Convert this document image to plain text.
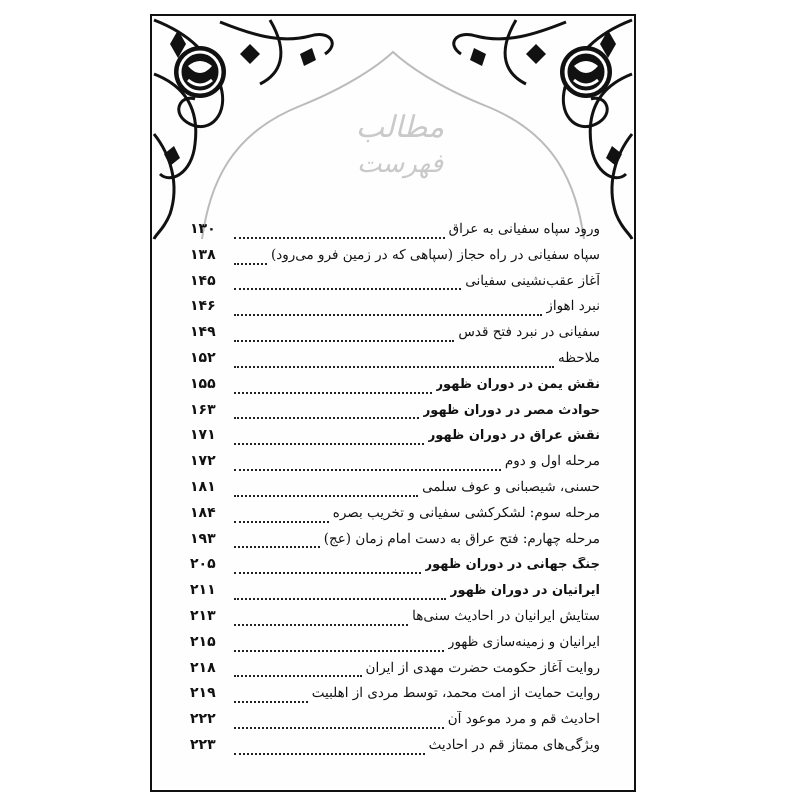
مطالب
فهرست
ورود سپاه سفیانی به عراق
۱۳۰
سپاه سفیانی در راه حجاز (سپاهی که در زمین فرو می‌رود)
۱۳۸
آغاز عقب‌نشینی سفیانی
۱۴۵
نبرد اهواز
۱۴۶
سفیانی در نبرد فتح قدس
۱۴۹
ملاحظه
۱۵۲
نقش یمن در دوران ظهور
۱۵۵
حوادث مصر در دوران ظهور
۱۶۳
نقش عراق در دوران ظهور
۱۷۱
مرحله اول و دوم
۱۷۲
حسنی، شیصبانی و عوف سلمی
۱۸۱
مرحله سوم: لشکرکشی سفیانی و تخریب بصره
۱۸۴
مرحله چهارم: فتح عراق به دست امام زمان (عج)
۱۹۳
جنگ جهانی در دوران ظهور
۲۰۵
ایرانیان در دوران ظهور
۲۱۱
ستایش ایرانیان در احادیث سنی‌ها
۲۱۳
ایرانیان و زمینه‌سازی ظهور
۲۱۵
روایت آغاز حکومت حضرت مهدی از ایران
۲۱۸
روایت حمایت از امت محمد، توسط مردی از اهلبیت
۲۱۹
احادیث قم و مرد موعود آن
۲۲۲
ویژگی‌های ممتاز قم در احادیث
۲۲۳
